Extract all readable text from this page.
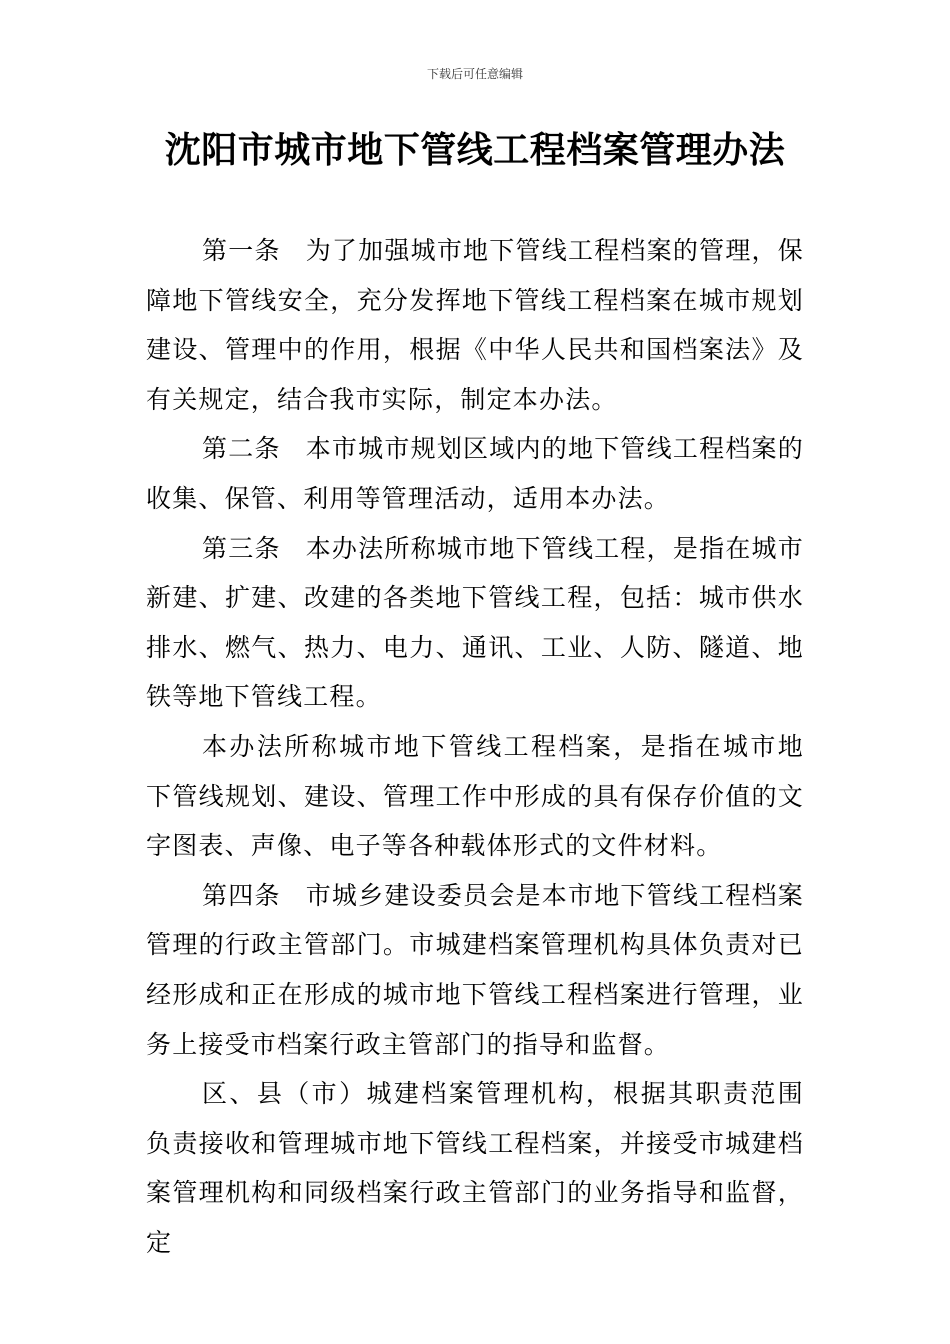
下载后可任意编辑
沈阳市城市地下管线工程档案管理办法

第一条 为了加强城市地下管线工程档案的管理，保障地下管线安全，充分发挥地下管线工程档案在城市规划建设、管理中的作用，根据《中华人民共和国档案法》及有关规定，结合我市实际，制定本办法。

第二条 本市城市规划区域内的地下管线工程档案的收集、保管、利用等管理活动，适用本办法。

第三条 本办法所称城市地下管线工程，是指在城市新建、扩建、改建的各类地下管线工程，包括：城市供水排水、燃气、热力、电力、通讯、工业、人防、隧道、地铁等地下管线工程。

本办法所称城市地下管线工程档案，是指在城市地下管线规划、建设、管理工作中形成的具有保存价值的文字图表、声像、电子等各种载体形式的文件材料。

第四条 市城乡建设委员会是本市地下管线工程档案管理的行政主管部门。市城建档案管理机构具体负责对已经形成和正在形成的城市地下管线工程档案进行管理，业务上接受市档案行政主管部门的指导和监督。

区、县（市）城建档案管理机构，根据其职责范围负责接收和管理城市地下管线工程档案，并接受市城建档案管理机构和同级档案行政主管部门的业务指导和监督，定
